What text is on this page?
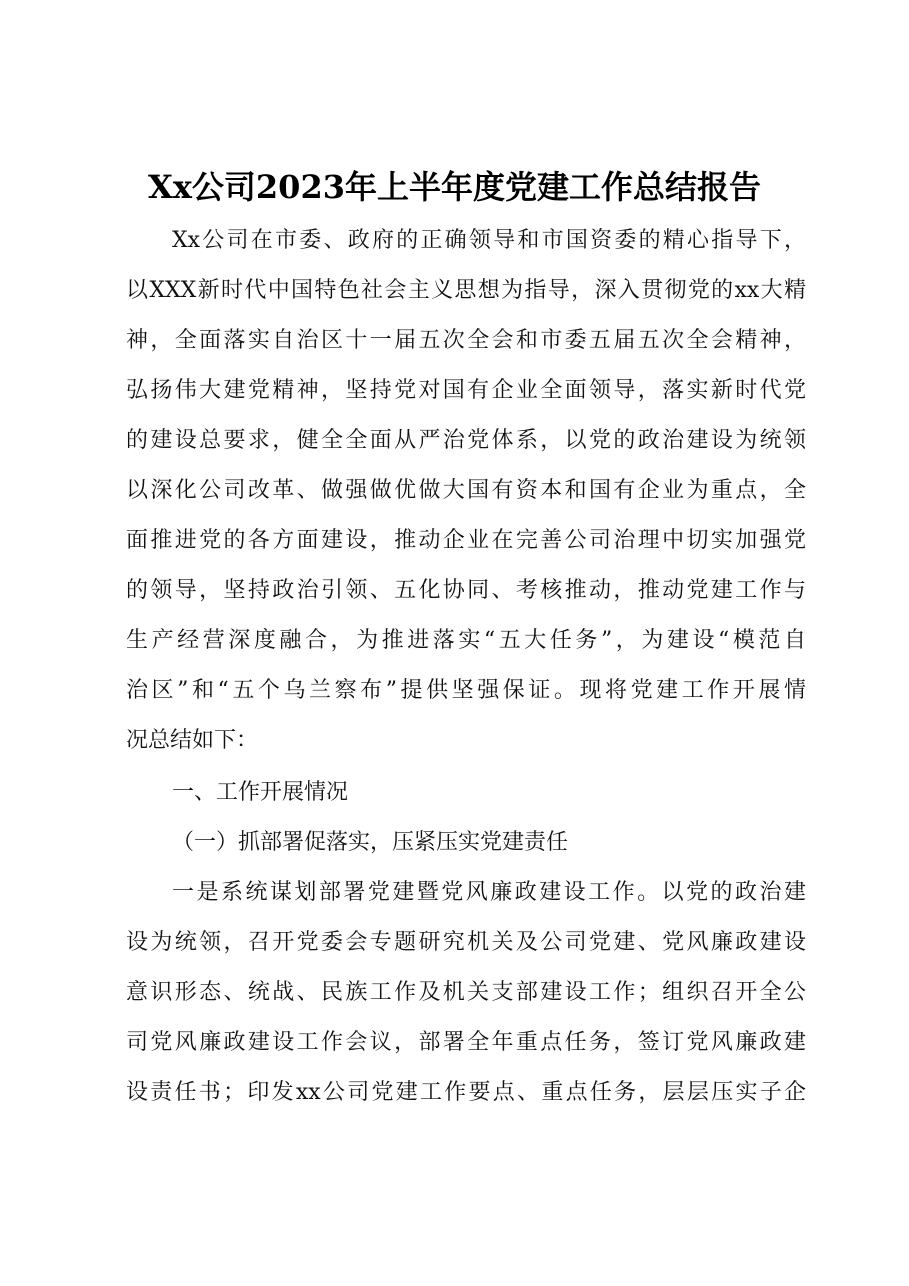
Xx公司2023年上半年度党建工作总结报告
Xx公司在市委、政府的正确领导和市国资委的精心指导下，
以XXX新时代中国特色社会主义思想为指导，深入贯彻党的xx大精
神，全面落实自治区十一届五次全会和市委五届五次全会精神，
弘扬伟大建党精神，坚持党对国有企业全面领导，落实新时代党
的建设总要求，健全全面从严治党体系，以党的政治建设为统领
以深化公司改革、做强做优做大国有资本和国有企业为重点，全
面推进党的各方面建设，推动企业在完善公司治理中切实加强党
的领导，坚持政治引领、五化协同、考核推动，推动党建工作与
生产经营深度融合，为推进落实“五大任务”，为建设“模范自
治区”和“五个乌兰察布”提供坚强保证。现将党建工作开展情
况总结如下：
一、工作开展情况
（一）抓部署促落实，压紧压实党建责任
一是系统谋划部署党建暨党风廉政建设工作。以党的政治建
设为统领，召开党委会专题研究机关及公司党建、党风廉政建设
意识形态、统战、民族工作及机关支部建设工作；组织召开全公
司党风廉政建设工作会议，部署全年重点任务，签订党风廉政建
设责任书；印发xx公司党建工作要点、重点任务，层层压实子企
